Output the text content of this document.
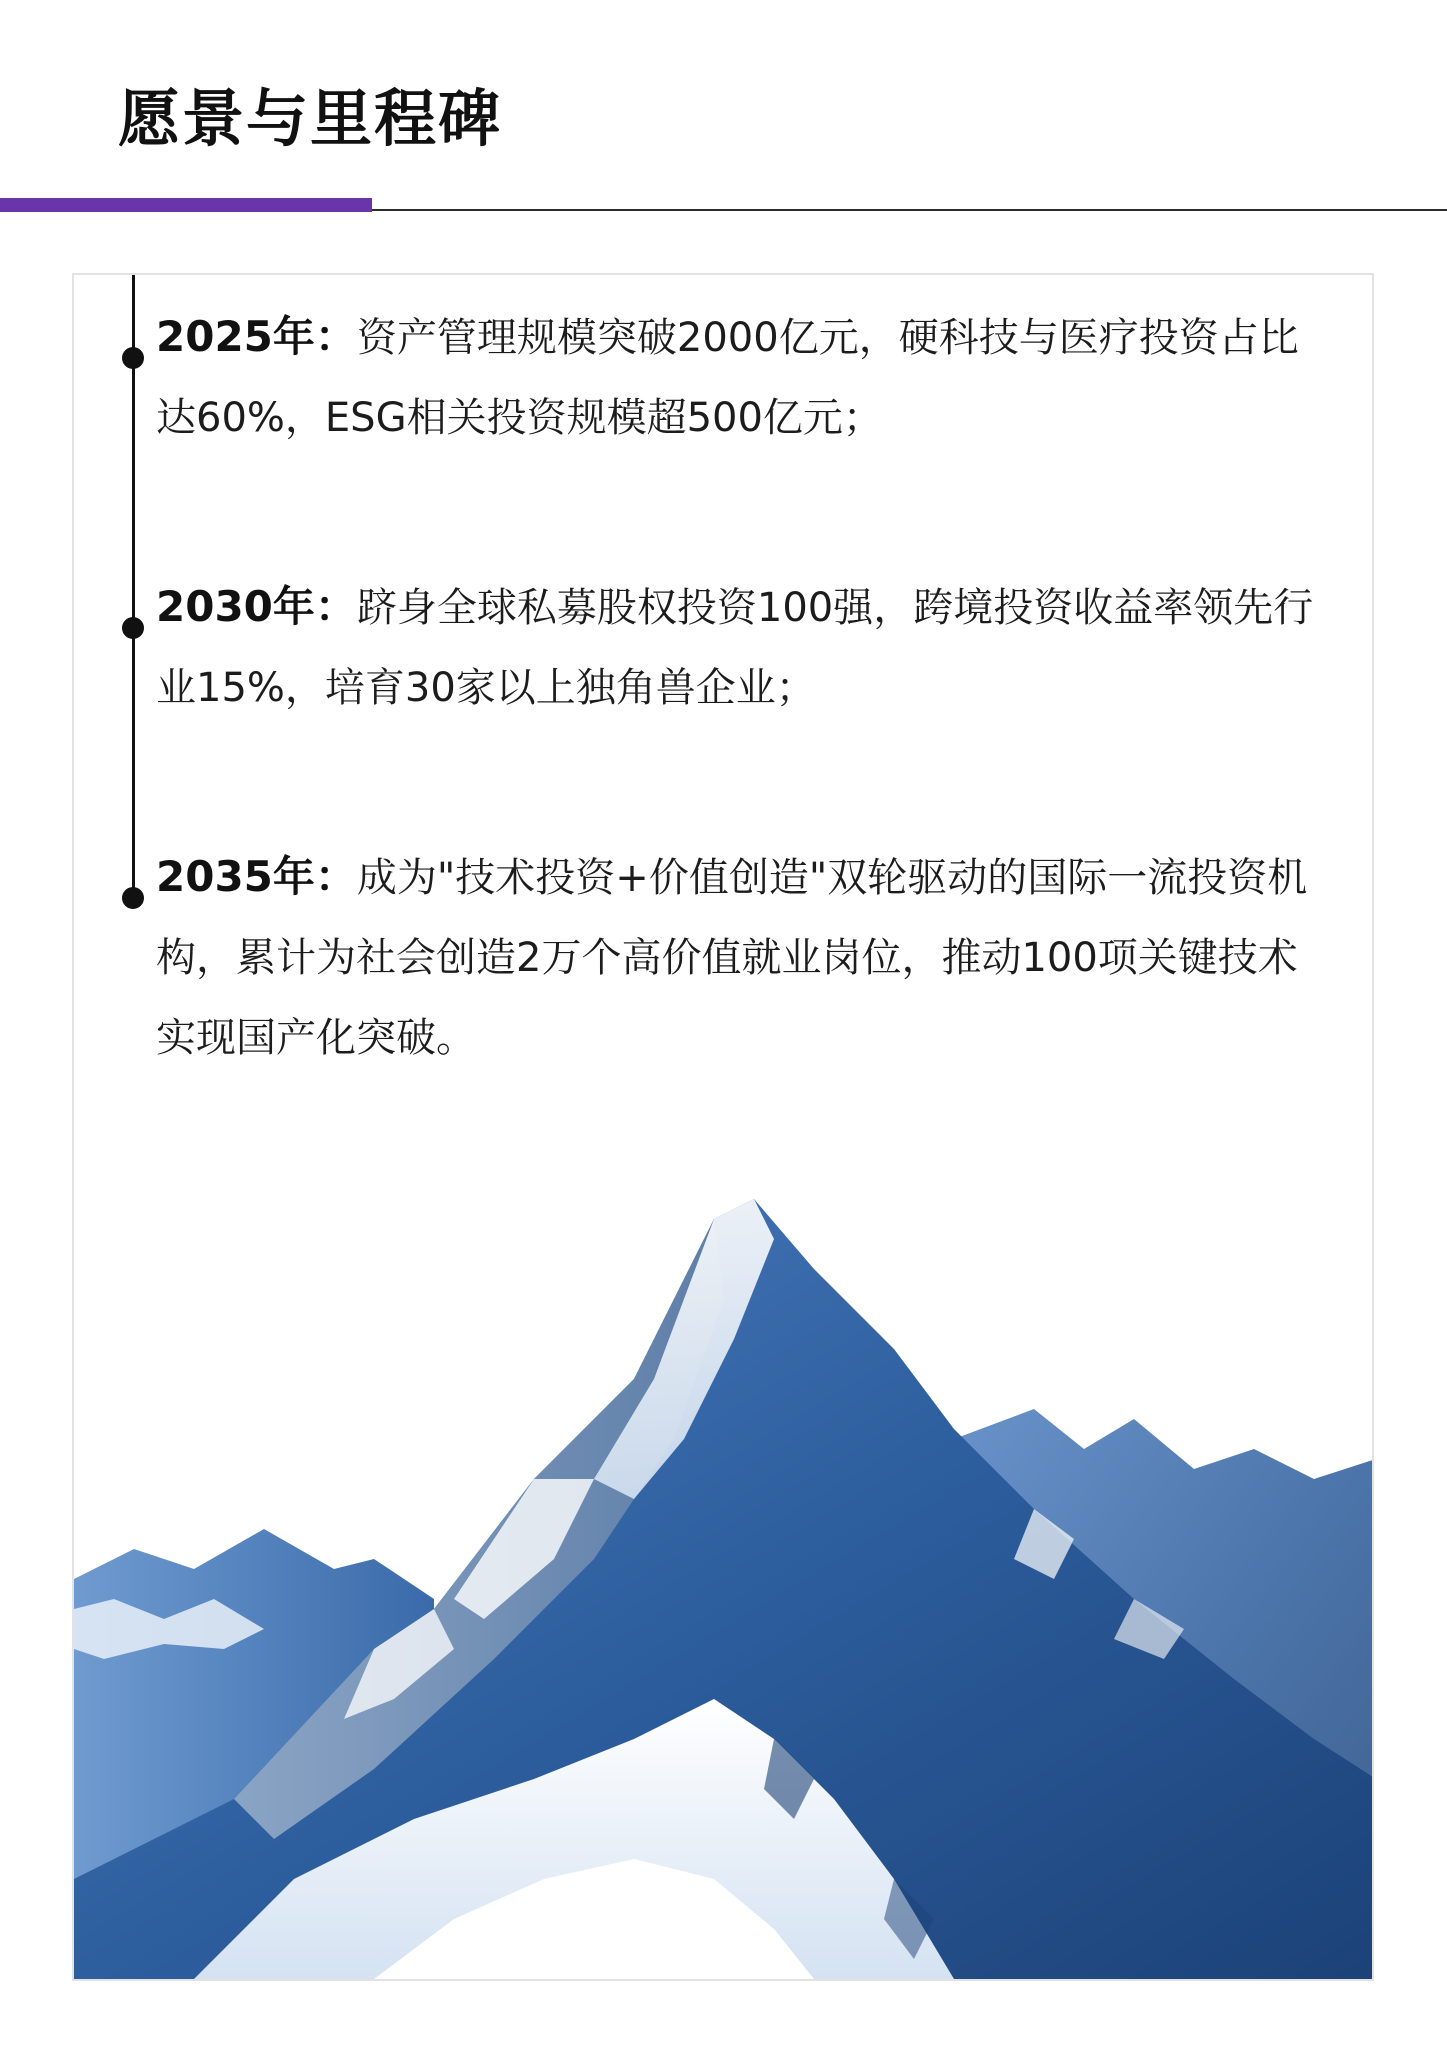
愿景与里程碑
2025年：资产管理规模突破2000亿元，硬科技与医疗投资占比达60%，ESG相关投资规模超500亿元；
2030年：跻身全球私募股权投资100强，跨境投资收益率领先行业15%，培育30家以上独角兽企业；
2035年：成为"技术投资+价值创造"双轮驱动的国际一流投资机构，累计为社会创造2万个高价值就业岗位，推动100项关键技术实现国产化突破。
